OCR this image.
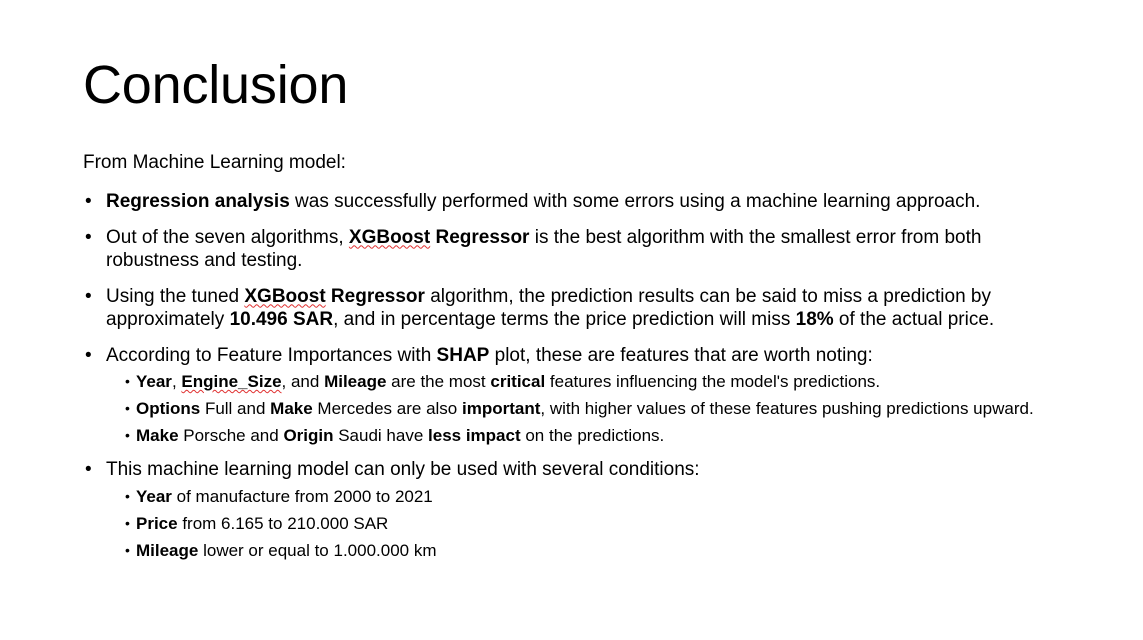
Conclusion

From Machine Learning model:

• Regression analysis was successfully performed with some errors using a machine learning approach.
• Out of the seven algorithms, XGBoost Regressor is the best algorithm with the smallest error from both robustness and testing.
• Using the tuned XGBoost Regressor algorithm, the prediction results can be said to miss a prediction by approximately 10.496 SAR, and in percentage terms the price prediction will miss 18% of the actual price.
• According to Feature Importances with SHAP plot, these are features that are worth noting:
• Year, Engine_Size, and Mileage are the most critical features influencing the model's predictions.
• Options Full and Make Mercedes are also important, with higher values of these features pushing predictions upward.
• Make Porsche and Origin Saudi have less impact on the predictions.
• This machine learning model can only be used with several conditions:
• Year of manufacture from 2000 to 2021
• Price from 6.165 to 210.000 SAR
• Mileage lower or equal to 1.000.000 km
